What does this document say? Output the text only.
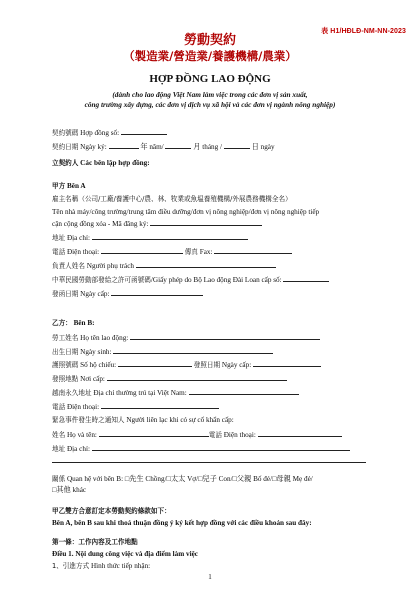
表 H1/HĐLĐ-NM-NN-2023
勞動契約
（製造業/營造業/養護機構/農業）
HỢP ĐỒNG LAO ĐỘNG
(dành cho lao động Việt Nam làm việc trong các đơn vị sản xuất,
công trường xây dựng, các đơn vị dịch vụ xã hội và các đơn vị ngành nông nghiệp)
契約號碼 Hợp đồng số:
契約日期 Ngày ký:	年 năm/	月 tháng /	日 ngày
立契約人 Các bên lập hợp đồng:
甲方 Bên A
雇主名稱（公司/工廠/養護中心/農、林、牧業或魚塭養殖機構/外展農務機構全名）
Tên nhà máy/công trường/trung tâm điều dưỡng/đơn vị nông nghiệp/đơn vị nông nghiệp tiếp
cận cộng đồng xóa - Mã đăng ký:
地址 Địa chỉ:
電話 Điện thoại:	傳真 Fax:
負責人姓名 Người phụ trách
中華民國勞動部發給之許可函號碼/Giấy phép do Bộ Lao động Đài Loan cấp số:
發函日期 Ngày cấp:
乙方： Bên B:
勞工姓名 Họ tên lao động:
出生日期 Ngày sinh:
護照號碼 Số hộ chiếu:	發照日期 Ngày cấp:
發照地點 Nơi cấp:
越南永久地址 Địa chỉ thường trú tại Việt Nam:
電話 Điện thoại:
緊急事件發生時之通知人 Người liên lạc khi có sự cố khẩn cấp:
姓名 Họ và tên:	電話 Điện thoại:
地址 Địa chỉ:
關係 Quan hệ với bên B: □先生 Chồng/□太太 Vợ/□兒子 Con/□父親 Bố đẻ/□母親 Mẹ đẻ/
□其他 khác
甲乙雙方合意訂定本勞動契約條款如下：
Bên A, bên B sau khi thoả thuận đồng ý ký kết hợp đồng với các điều khoản sau đây:
第一條：工作內容及工作地點
Điều 1. Nội dung công việc và địa điểm làm việc
1、引進方式 Hình thức tiếp nhận:
1
